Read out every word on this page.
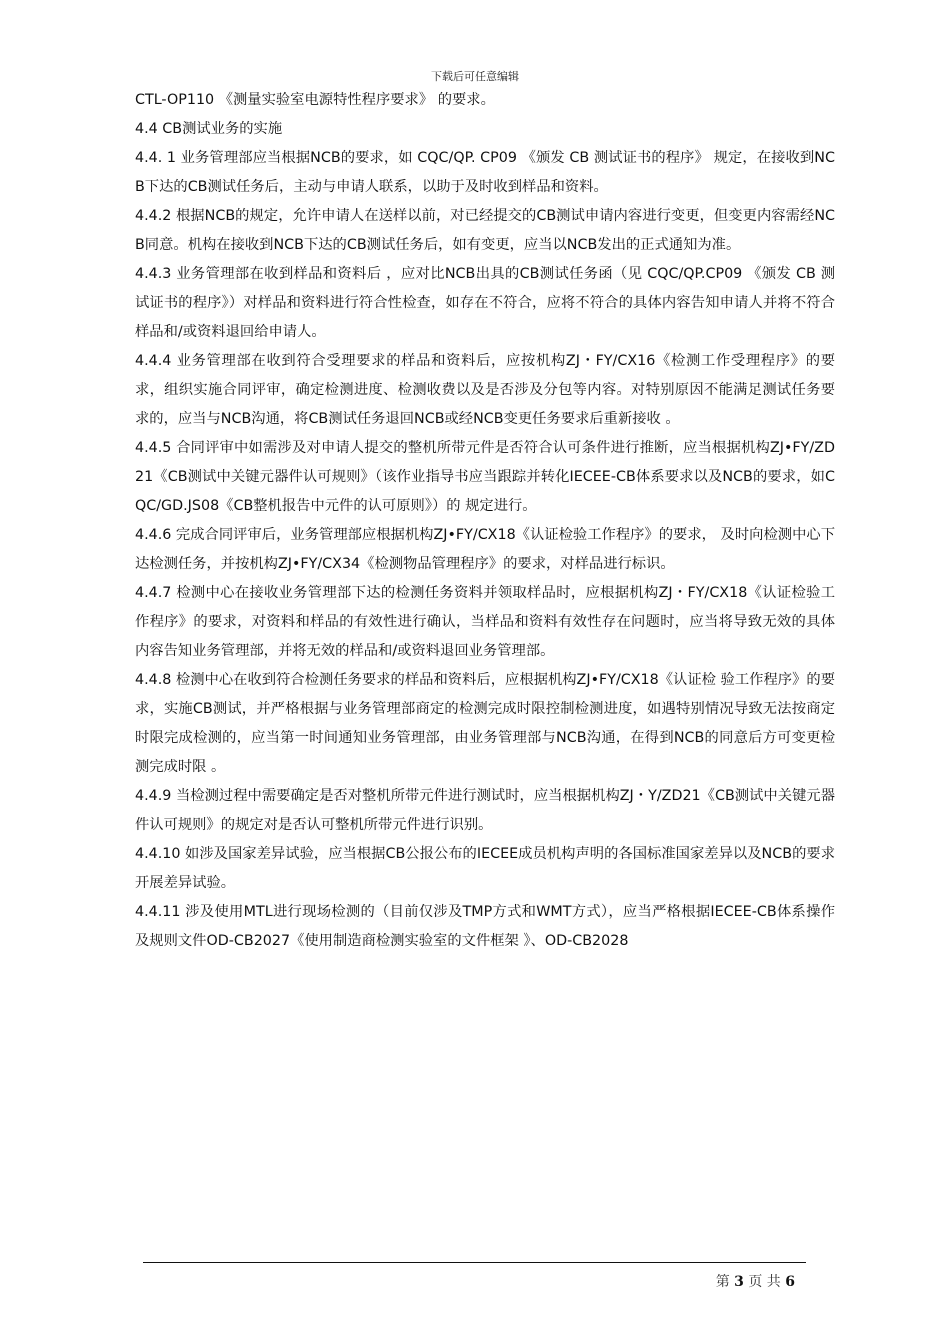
下载后可任意编辑

CTL-OP110 《测量实验室电源特性程序要求》 的要求。

4.4 CB测试业务的实施

4.4. 1 业务管理部应当根据NCB的要求，如 CQC/QP. CP09 《颁发 CB 测试证书的程序》 规定，在接收到NCB下达的CB测试任务后，主动与申请人联系，以助于及时收到样品和资料。

4.4.2 根据NCB的规定，允许申请人在送样以前，对已经提交的CB测试申请内容进行变更，但变更内容需经NCB同意。机构在接收到NCB下达的CB测试任务后，如有变更，应当以NCB发出的正式通知为准。

4.4.3 业务管理部在收到样品和资料后 ，应对比NCB出具的CB测试任务函（见 CQC/QP.CP09 《颁发 CB 测试证书的程序》）对样品和资料进行符合性检查，如存在不符合，应将不符合的具体内容告知申请人并将不符合样品和/或资料退回给申请人。

4.4.4 业务管理部在收到符合受理要求的样品和资料后，应按机构ZJ・FY/CX16《检测工作受理程序》的要求，组织实施合同评审，确定检测进度、检测收费以及是否涉及分包等内容。对特别原因不能满足测试任务要求的，应当与NCB沟通，将CB测试任务退回NCB或经NCB变更任务要求后重新接收 。

4.4.5 合同评审中如需涉及对申请人提交的整机所带元件是否符合认可条件进行推断，应当根据机构ZJ•FY/ZD21《CB测试中关键元器件认可规则》（该作业指导书应当跟踪并转化IECEE-CB体系要求以及NCB的要求，如CQC/GD.JS08《CB整机报告中元件的认可原则》）的 规定进行。

4.4.6 完成合同评审后，业务管理部应根据机构ZJ•FY/CX18《认证检验工作程序》的要求， 及时向检测中心下达检测任务，并按机构ZJ•FY/CX34《检测物品管理程序》的要求，对样品进行标识。

4.4.7 检测中心在接收业务管理部下达的检测任务资料并领取样品时，应根据机构ZJ・FY/CX18《认证检验工作程序》的要求，对资料和样品的有效性进行确认，当样品和资料有效性存在问题时，应当将导致无效的具体内容告知业务管理部，并将无效的样品和/或资料退回业务管理部。

4.4.8 检测中心在收到符合检测任务要求的样品和资料后，应根据机构ZJ•FY/CX18《认证检 验工作程序》的要求，实施CB测试，并严格根据与业务管理部商定的检测完成时限控制检测进度，如遇特别情况导致无法按商定时限完成检测的，应当第一时间通知业务管理部，由业务管理部与NCB沟通，在得到NCB的同意后方可变更检测完成时限 。

4.4.9 当检测过程中需要确定是否对整机所带元件进行测试时，应当根据机构ZJ・Y/ZD21《CB测试中关键元器件认可规则》的规定对是否认可整机所带元件进行识别。

4.4.10 如涉及国家差异试验，应当根据CB公报公布的IECEE成员机构声明的各国标准国家差异以及NCB的要求开展差异试验。

4.4.11 涉及使用MTL进行现场检测的（目前仅涉及TMP方式和WMT方式），应当严格根据IECEE-CB体系操作及规则文件OD-CB2027《使用制造商检测实验室的文件框架 》、OD-CB2028

第 3 页 共 6
